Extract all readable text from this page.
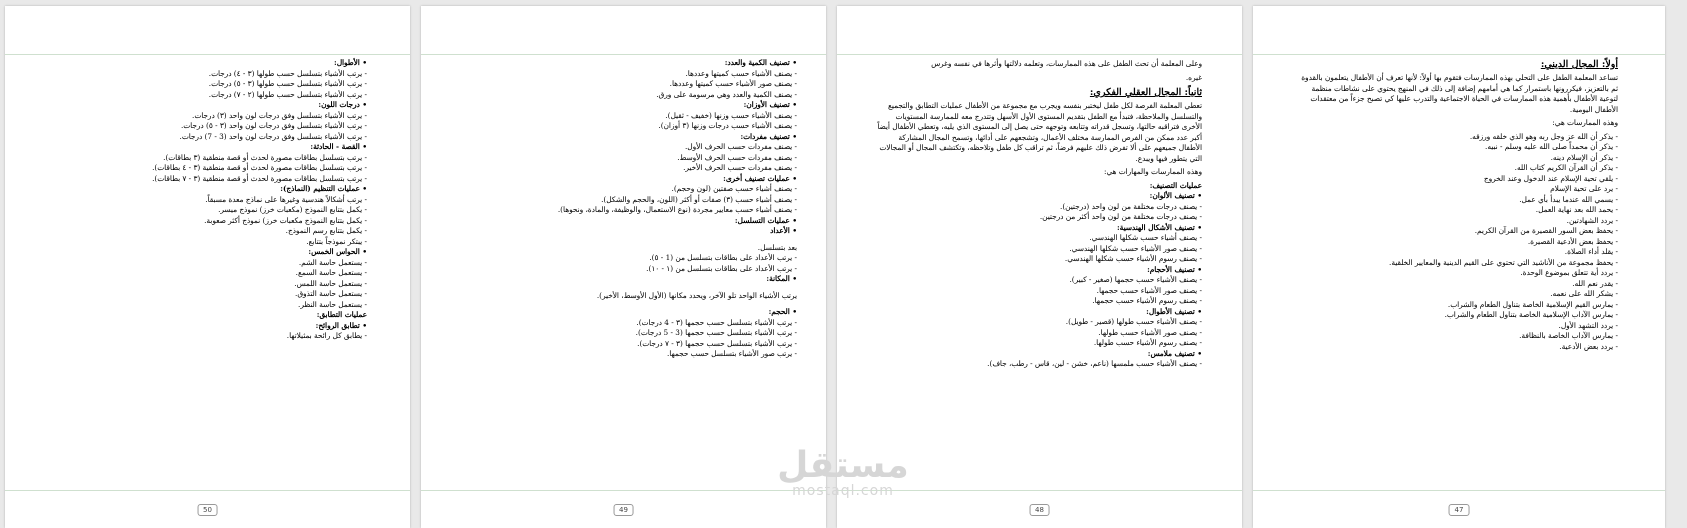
• الأطوال:
- يرتب الأشياء بتسلسل حسب طولها (٣ - ٤) درجات.
- يرتب الأشياء بتسلسل حسب طولها (٣ - ٥) درجات.
- يرتب الأشياء بتسلسل حسب طولها (٢ - ٧) درجات.
• درجات اللون:
- يرتب الأشياء بتسلسل وفق درجات لون واحد (٣) درجات.
- يرتب الأشياء بتسلسل وفق درجات لون واحد (٣ - ٥) درجات.
- يرتب الأشياء بتسلسل وفق درجات لون واحد (3 - 7) درجات.
• القصة - الحادثة:
- يرتب بتسلسل بطاقات مصورة لحدث أو قصة منطقية (٣ بطاقات).
- يرتب بتسلسل بطاقات مصورة لحدث أو قصة منطقية (٣ - ٤ بطاقات).
- يرتب بتسلسل بطاقات مصورة لحدث أو قصة منطقية (٣ - ٧ بطاقات).
• عمليات التنظيم (النماذج):
- يرتب أشكالاً هندسية وغيرها على نماذج معدة مسبقاً.
- يكمل بتتابع النموذج (مكعبات خرز) نموذج ميسر.
- يكمل بتتابع النموذج مكعبات خرز) نموذج أكثر صعوبة.
- يكمل بتتابع رسم النموذج.
- يبتكر نموذجاً بتتابع.
• الحواس الخمس:
- يستعمل حاسة الشم.
- يستعمل حاسة السمع.
- يستعمل حاسة اللمس.
- يستعمل حاسة التذوق.
- يستعمل حاسة النظر.
عمليات التطابق:
• تطابق الروائح:
- يطابق كل رائحة بمثيلاتها.
50
• تصنيف الكمية والعدد:
- يصنف الأشياء حسب كميتها وعددها.
- يصنف صور الأشياء حسب كميتها وعددها.
- يصنف الكمية والعدد وهي مرسومة على ورق.
• تصنيف الأوزان:
- يصنف الأشياء حسب وزنها (خفيف - ثقيل).
- يصنف الأشياء حسب درجات وزنها (٣ أوزان).
• تصنيف مفردات:
- يصنف مفردات حسب الحرف الأول.
- يصنف مفردات حسب الحرف الأوسط.
- يصنف مفردات حسب الحرف الأخير.
• عمليات تصنيف أخرى:
- يصنف أشياء حسب صفتين (لون وحجم).
- يصنف أشياء حسب (٣) صفات أو أكثر (اللون، والحجم والشكل).
- يصنف أشياء حسب معايير مجردة (نوع الاستعمال، والوظيفة، والمادة، ونحوها).
• عمليات التسلسل:
• الأعداد
بعد بتسلسل.
- يرتب الأعداد على بطاقات بتسلسل من (1 - ٥).
- يرتب الأعداد على بطاقات بتسلسل من (١ - ١٠).
• المكانة:
يرتب الأشياء الواحد تلو الآخر، ويحدد مكانها (الأول الأوسط، الأخير).
• الحجم:
- يرتب الأشياء بتسلسل حسب حجمها (٣ - 4 درجات).
- يرتب الأشياء بتسلسل حسب حجمها (3 - 5 درجات).
- يرتب الأشياء بتسلسل حسب حجمها (٣ - ٧ درجات).
- يرتب صور الأشياء بتسلسل حسب حجمها.
49
وعلى المعلمة أن تحث الطفل على هذه الممارسات، وتعلمه دلالتها وأثرها في نفسه وغرس
غيره.
ثانياً: المجال العقلي الفكري:
تعطي المعلمة الفرصة لكل طفل ليختبر بنفسه ويجرب مع مجموعة من الأطفال عمليات التطابق والتجميع والتسلسل والملاحظة، فتبدأ مع الطفل بتقديم المستوى الأول الأسهل وتتدرج معه للممارسة المستويات الأخرى فتراقبه حالتها، وتسجل قدراته وتتابعه وتوجهه حتى يصل إلى المستوى الذي يليه، وتعطي الأطفال أيضاً أكبر عدد ممكن من الفرص الممارسة مختلف الأعمال، وتشجعهم على أدائها، وتسمح المجال المشاركة الأطفال جميعهم على ألا تفرض ذلك عليهم فرضاً، ثم تراقب كل طفل وتلاحظه، وتكتشف المجال أو المجالات التي يتطور فيها ويبدع.
وهذه الممارسات والمهارات هي:
عمليات التصنيف:
• تصنيف الألوان:
- يصنف درجات مختلفة من لون واحد (درجتين).
- يصنف درجات مختلفة من لون واحد أكثر من درجتين.
• تصنيف الأشكال الهندسية:
- يصنف أشياء حسب شكلها الهندسي.
- يصنف صور الأشياء حسب شكلها الهندسي.
- يصنف رسوم الأشياء حسب شكلها الهندسي.
• تصنيف الأحجام:
- يصنف الأشياء حسب حجمها (صغير - كبير).
- يصنف صور الأشياء حسب حجمها.
- يصنف رسوم الأشياء حسب حجمها.
• تصنيف الأطوال:
- يصنف الأشياء حسب طولها (قصير - طويل).
- يصنف صور الأشياء حسب طولها.
- يصنف رسوم الأشياء حسب طولها.
• تصنيف ملامس:
- يصنف الأشياء حسب ملمسها (ناعم، خشن - لين، قاس - رطب، جاف).
48
أولاً: المجال الديني:
تساعد المعلمة الطفل على التحلي بهذه الممارسات فتقوم بها أولاً: لأنها تعرف أن الأطفال يتعلمون بالقدوة ثم بالتعزيز، فيكررونها باستمرار كما هي أمامهم إضافة إلى ذلك في المنهج يحتوي على نشاطات منظمة لتوعية الأطفال بأهمية هذه الممارسات في الحياة الاجتماعية والتدرب عليها كي تصبح جزءاً من معتقدات الأطفال اليومية.
وهذه الممارسات هي:
- يذكر أن الله عز وجل ربه وهو الذي خلقه ورزقه.
- يذكر أن محمداً صلى الله عليه وسلم - نبيه.
- يذكر أن الإسلام دينه.
- يذكر أن القرآن الكريم كتاب الله.
- يلقي تحية الإسلام عند الدخول وعند الخروج
- يرد على تحية الإسلام
- يسمي الله عندما يبدأ بأي عمل.
- يحمد الله بعد نهاية العمل.
- يردد الشهادتين.
- يحفظ بعض السور القصيرة من القرآن الكريم.
- يحفظ بعض الأدعية القصيرة.
- يقلد أداء الصلاة.
- يحفظ مجموعة من الأناشيد التي تحتوي على القيم الدينية والمعايير الخلقية.
- يردد أية تتعلق بموضوع الوحدة.
- يقدر نعم الله.
- يشكر الله على نعمه.
- يمارس القيم الإسلامية الخاصة بتناول الطعام والشراب.
- يمارس الآداب الإسلامية الخاصة بتناول الطعام والشراب.
- يردد التشهد الأول.
- يمارس الآداب الخاصة بالنظافة.
- يردد بعض الأدعية.
47
مستقل
mostaql.com
